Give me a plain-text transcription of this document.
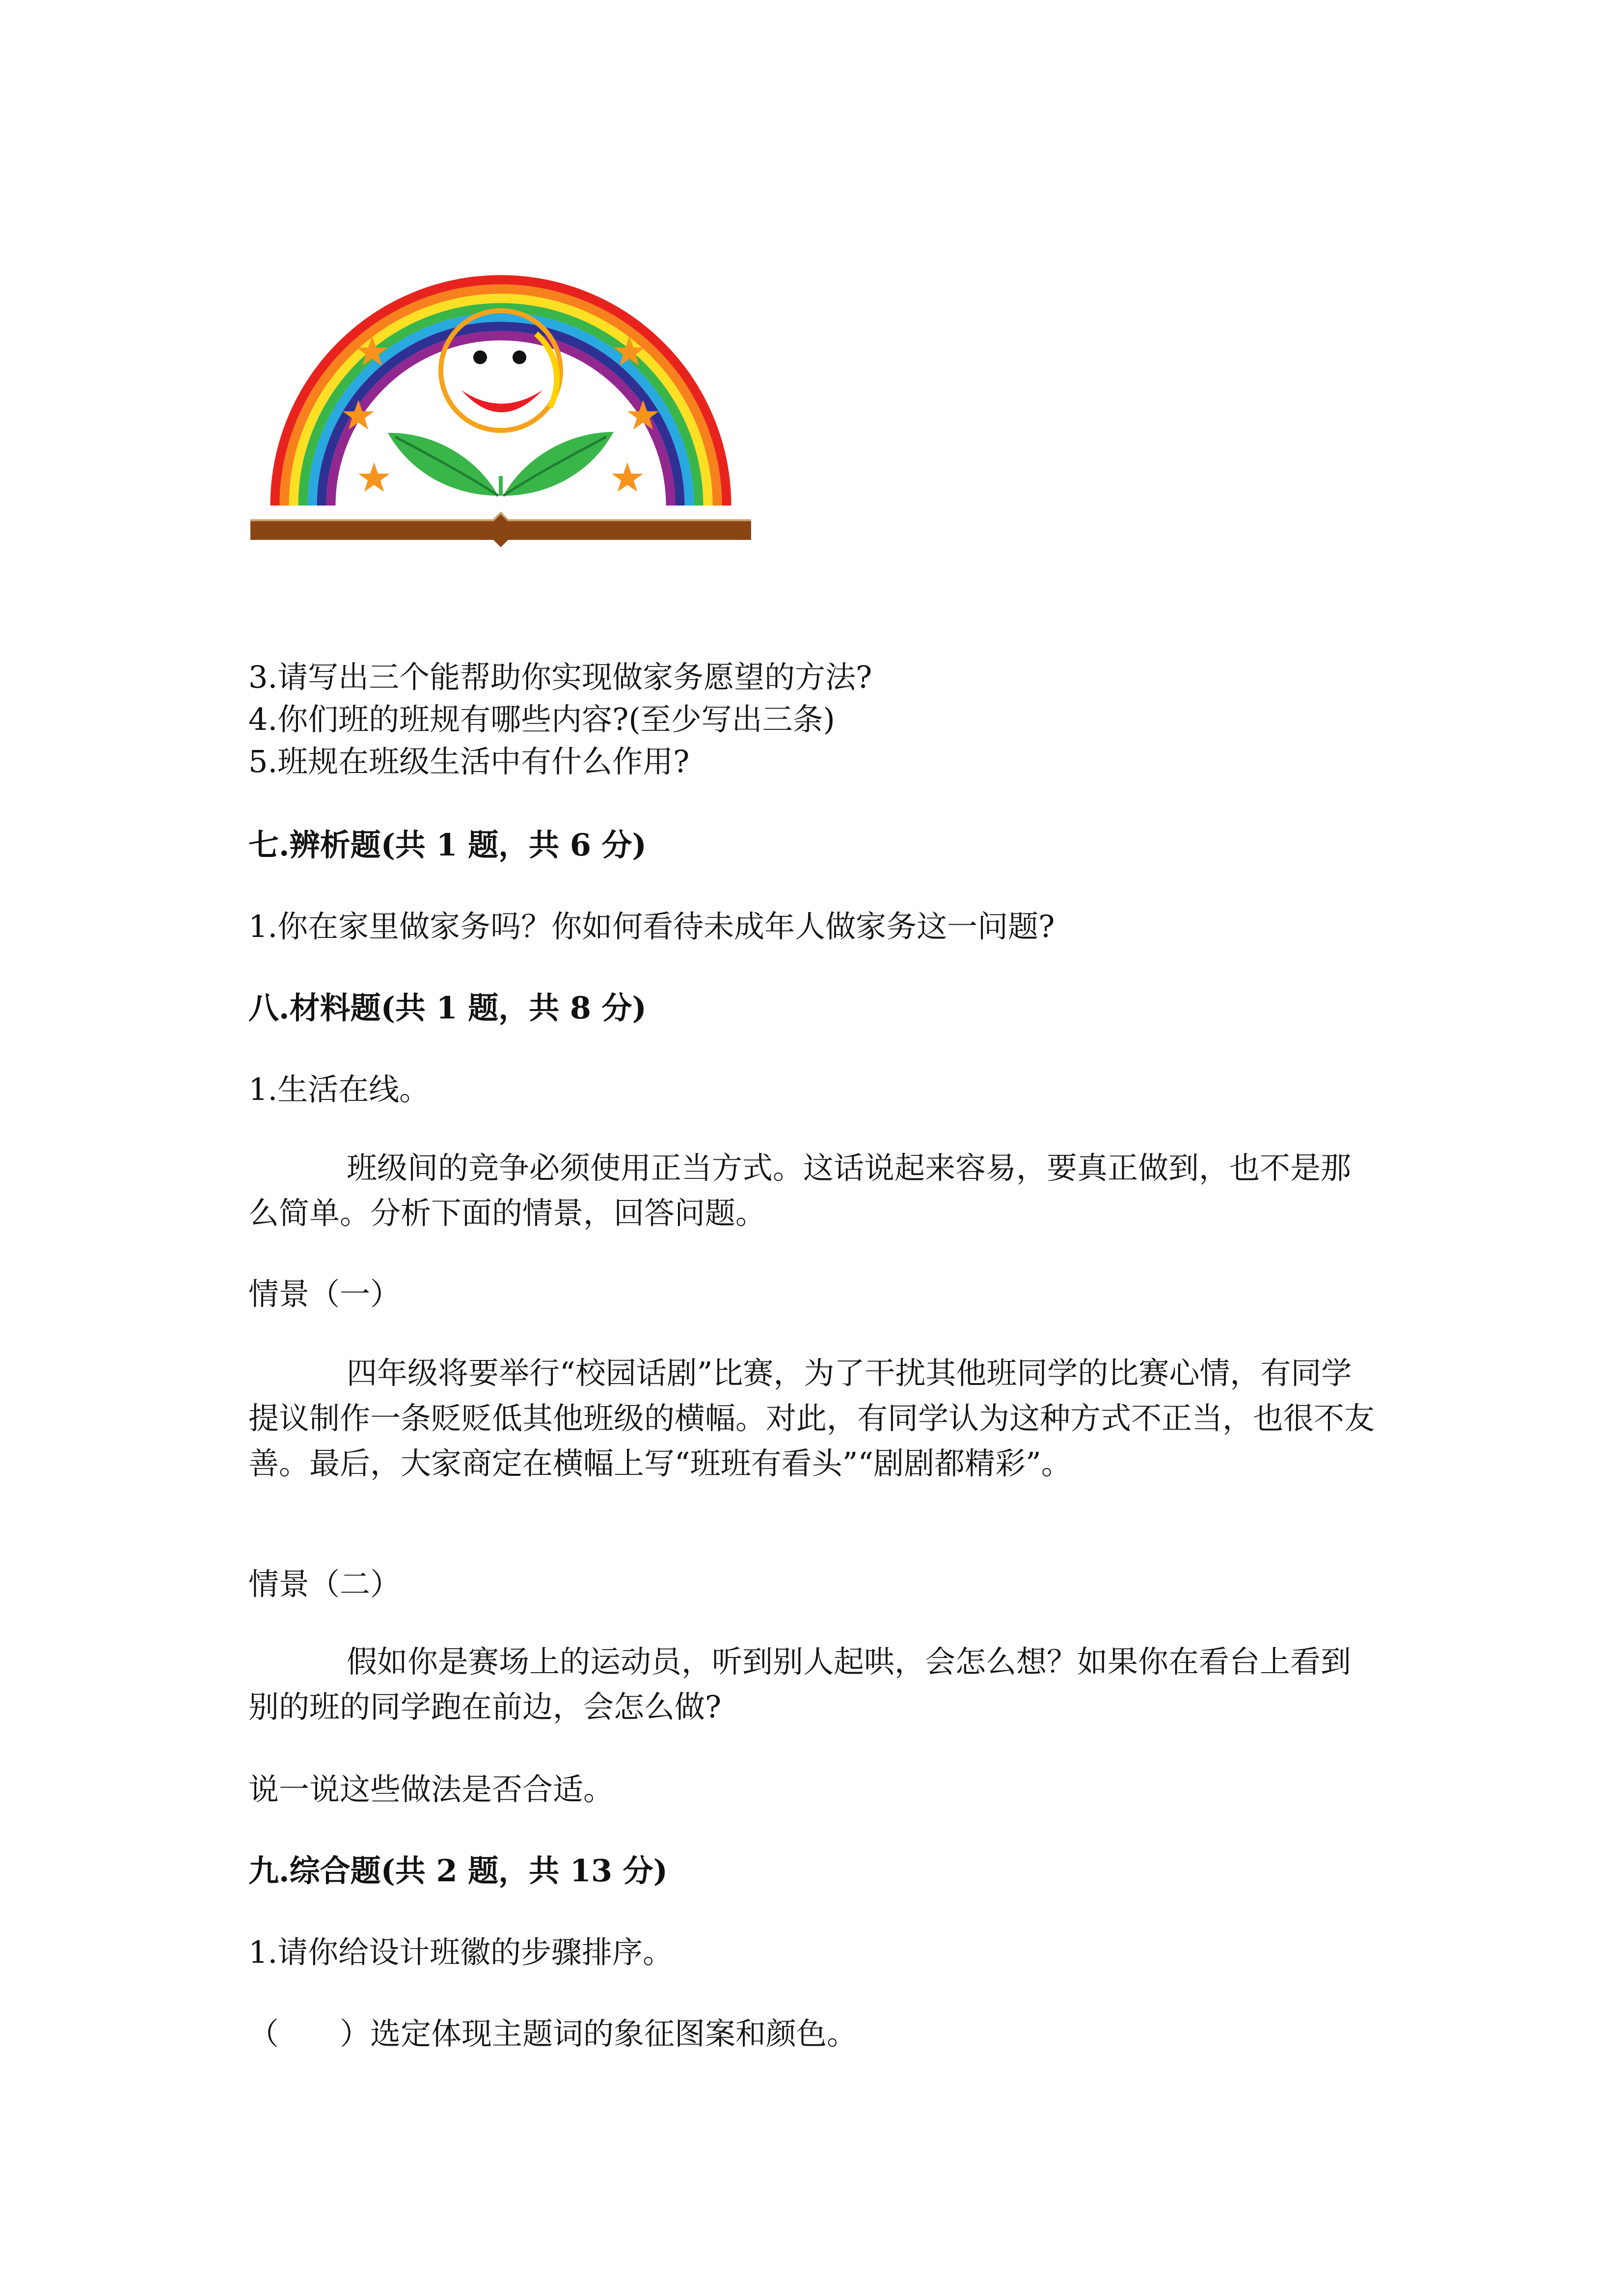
3.请写出三个能帮助你实现做家务愿望的方法?

4.你们班的班规有哪些内容?(至少写出三条)

5.班规在班级生活中有什么作用?

七.辨析题(共 1 题，共 6 分)

1.你在家里做家务吗？你如何看待未成年人做家务这一问题?

八.材料题(共 1 题，共 8 分)

1.生活在线。

班级间的竞争必须使用正当方式。这话说起来容易，要真正做到，也不是那么简单。分析下面的情景，回答问题。

情景（一）

四年级将要举行“校园话剧”比赛，为了干扰其他班同学的比赛心情，有同学提议制作一条贬贬低其他班级的横幅。对此，有同学认为这种方式不正当，也很不友善。最后，大家商定在横幅上写“班班有看头”“剧剧都精彩”。

情景（二）

假如你是赛场上的运动员，听到别人起哄，会怎么想？如果你在看台上看到别的班的同学跑在前边，会怎么做?

说一说这些做法是否合适。

九.综合题(共 2 题，共 13 分)

1.请你给设计班徽的步骤排序。

（　　）选定体现主题词的象征图案和颜色。
